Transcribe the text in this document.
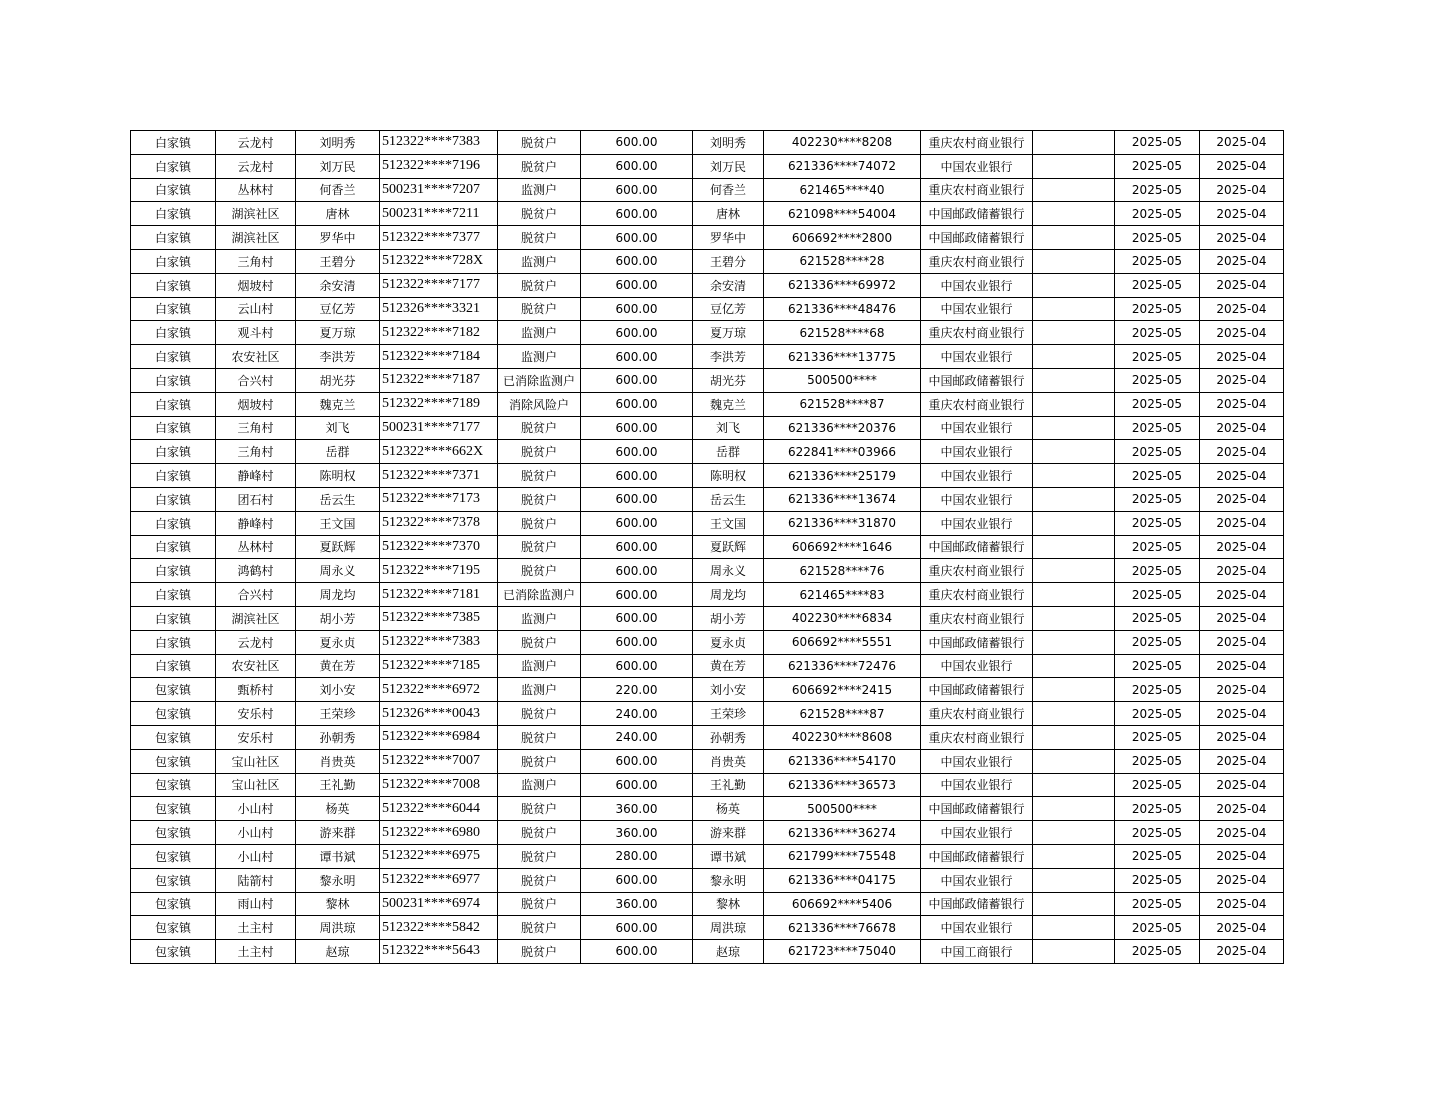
白家镇	云龙村	刘明秀	512322****7383	脱贫户	600.00	刘明秀	402230****8208	重庆农村商业银行		2025-05	2025-04
白家镇	云龙村	刘万民	512322****7196	脱贫户	600.00	刘万民	621336****74072	中国农业银行		2025-05	2025-04
白家镇	丛林村	何香兰	500231****7207	监测户	600.00	何香兰	621465****40	重庆农村商业银行		2025-05	2025-04
白家镇	湖滨社区	唐林	500231****7211	脱贫户	600.00	唐林	621098****54004	中国邮政储蓄银行		2025-05	2025-04
白家镇	湖滨社区	罗华中	512322****7377	脱贫户	600.00	罗华中	606692****2800	中国邮政储蓄银行		2025-05	2025-04
白家镇	三角村	王碧分	512322****728X	监测户	600.00	王碧分	621528****28	重庆农村商业银行		2025-05	2025-04
白家镇	烟坡村	余安清	512322****7177	脱贫户	600.00	余安清	621336****69972	中国农业银行		2025-05	2025-04
白家镇	云山村	豆亿芳	512326****3321	脱贫户	600.00	豆亿芳	621336****48476	中国农业银行		2025-05	2025-04
白家镇	观斗村	夏万琼	512322****7182	监测户	600.00	夏万琼	621528****68	重庆农村商业银行		2025-05	2025-04
白家镇	农安社区	李洪芳	512322****7184	监测户	600.00	李洪芳	621336****13775	中国农业银行		2025-05	2025-04
白家镇	合兴村	胡光芬	512322****7187	已消除监测户	600.00	胡光芬	500500****	中国邮政储蓄银行		2025-05	2025-04
白家镇	烟坡村	魏克兰	512322****7189	消除风险户	600.00	魏克兰	621528****87	重庆农村商业银行		2025-05	2025-04
白家镇	三角村	刘飞	500231****7177	脱贫户	600.00	刘飞	621336****20376	中国农业银行		2025-05	2025-04
白家镇	三角村	岳群	512322****662X	脱贫户	600.00	岳群	622841****03966	中国农业银行		2025-05	2025-04
白家镇	静峰村	陈明权	512322****7371	脱贫户	600.00	陈明权	621336****25179	中国农业银行		2025-05	2025-04
白家镇	团石村	岳云生	512322****7173	脱贫户	600.00	岳云生	621336****13674	中国农业银行		2025-05	2025-04
白家镇	静峰村	王文国	512322****7378	脱贫户	600.00	王文国	621336****31870	中国农业银行		2025-05	2025-04
白家镇	丛林村	夏跃辉	512322****7370	脱贫户	600.00	夏跃辉	606692****1646	中国邮政储蓄银行		2025-05	2025-04
白家镇	鸿鹤村	周永义	512322****7195	脱贫户	600.00	周永义	621528****76	重庆农村商业银行		2025-05	2025-04
白家镇	合兴村	周龙均	512322****7181	已消除监测户	600.00	周龙均	621465****83	重庆农村商业银行		2025-05	2025-04
白家镇	湖滨社区	胡小芳	512322****7385	监测户	600.00	胡小芳	402230****6834	重庆农村商业银行		2025-05	2025-04
白家镇	云龙村	夏永贞	512322****7383	脱贫户	600.00	夏永贞	606692****5551	中国邮政储蓄银行		2025-05	2025-04
白家镇	农安社区	黄在芳	512322****7185	监测户	600.00	黄在芳	621336****72476	中国农业银行		2025-05	2025-04
包家镇	甄桥村	刘小安	512322****6972	监测户	220.00	刘小安	606692****2415	中国邮政储蓄银行		2025-05	2025-04
包家镇	安乐村	王荣珍	512326****0043	脱贫户	240.00	王荣珍	621528****87	重庆农村商业银行		2025-05	2025-04
包家镇	安乐村	孙朝秀	512322****6984	脱贫户	240.00	孙朝秀	402230****8608	重庆农村商业银行		2025-05	2025-04
包家镇	宝山社区	肖贵英	512322****7007	脱贫户	600.00	肖贵英	621336****54170	中国农业银行		2025-05	2025-04
包家镇	宝山社区	王礼勤	512322****7008	监测户	600.00	王礼勤	621336****36573	中国农业银行		2025-05	2025-04
包家镇	小山村	杨英	512322****6044	脱贫户	360.00	杨英	500500****	中国邮政储蓄银行		2025-05	2025-04
包家镇	小山村	游来群	512322****6980	脱贫户	360.00	游来群	621336****36274	中国农业银行		2025-05	2025-04
包家镇	小山村	谭书斌	512322****6975	脱贫户	280.00	谭书斌	621799****75548	中国邮政储蓄银行		2025-05	2025-04
包家镇	陆箭村	黎永明	512322****6977	脱贫户	600.00	黎永明	621336****04175	中国农业银行		2025-05	2025-04
包家镇	雨山村	黎林	500231****6974	脱贫户	360.00	黎林	606692****5406	中国邮政储蓄银行		2025-05	2025-04
包家镇	土主村	周洪琼	512322****5842	脱贫户	600.00	周洪琼	621336****76678	中国农业银行		2025-05	2025-04
包家镇	土主村	赵琼	512322****5643	脱贫户	600.00	赵琼	621723****75040	中国工商银行		2025-05	2025-04
